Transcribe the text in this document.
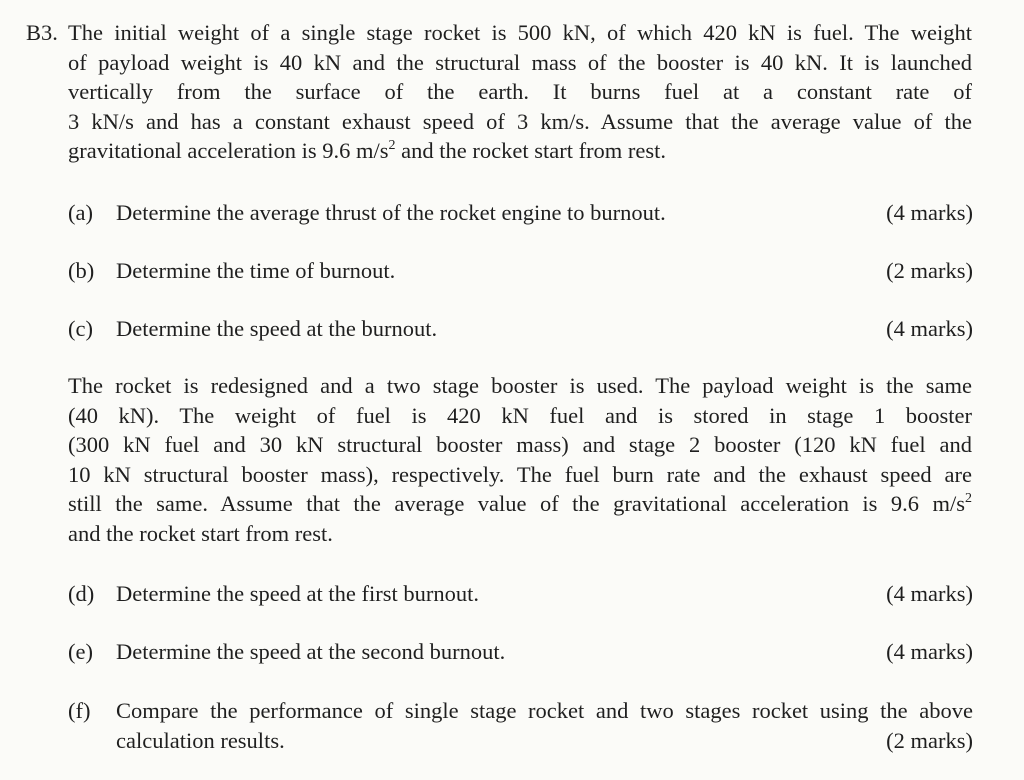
B3. The initial weight of a single stage rocket is 500 kN, of which 420 kN is fuel. The weight
of payload weight is 40 kN and the structural mass of the booster is 40 kN. It is launched
vertically from the surface of the earth. It burns fuel at a constant rate of
3 kN/s and has a constant exhaust speed of 3 km/s. Assume that the average value of the
gravitational acceleration is 9.6 $m/s^2$ and the rocket start from rest.
(a) Determine the average thrust of the rocket engine to burnout.	(4 marks)
(b) Determine the time of burnout.	(2 marks)
(c) Determine the speed at the burnout.	(4 marks)
The rocket is redesigned and a two stage booster is used. The payload weight is the same
(40 kN). The weight of fuel is 420 kN fuel and is stored in stage 1 booster
(300 kN fuel and 30 kN structural booster mass) and stage 2 booster (120 kN fuel and
10 kN structural booster mass), respectively. The fuel burn rate and the exhaust speed are
still the same. Assume that the average value of the gravitational acceleration is 9.6 $m/s^2$
and the rocket start from rest.
(d) Determine the speed at the first burnout.	(4 marks)
(e) Determine the speed at the second burnout.	(4 marks)
(f) Compare the performance of single stage rocket and two stages rocket using the above
calculation results.	(2 marks)
